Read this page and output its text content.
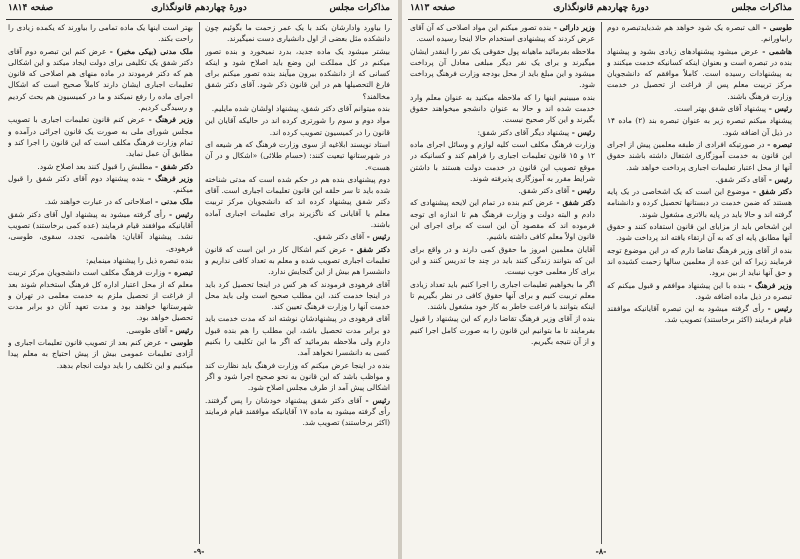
مذاکرات مجلس
دورهٔ چهاردهم قانونگذاری
صفحه ۱۸۱۴

بهتر است اینها یک ماده تمامی را بیاورند که یکمده زیادی را راحت بکند.

ملک مدنی (بیکی مخبر) - عرض کنم این تبصره دوم آقای دکتر شفق یک تکلیفی برای دولت ایجاد میکند و این اشکالی هم که دکتر فرمودند در ماده منهای هم اصلاحی که قانون تعلیمات اجباری ایشان دارند کاملاً صحیح است که اشکال اجرای ماده را رفع نمیکند و ما در کمیسیون هم بحث کردیم و رسیدگی کردیم.

وزیر فرهنگ - عرض کنم قانون تعلیمات اجباری با تصویب مجلس شورای ملی به صورت یک قانون اجرائی درآمده و تمام وزارت فرهنگ مکلف است که این قانون را اجرا کند و مطابق آن عمل نماید.

دکتر شفق - مطلبش را قبول کنند بعد اصلاح شود.

وزیر فرهنگ - بنده پیشنهاد دوم آقای دکتر شفق را قبول میکنم.

ملک مدنی - اصلاحاتی که در عبارت خواهند شد.

رئیس - رأی گرفته میشود به پیشنهاد اول آقای دکتر شفق آقایانیکه موافقند قیام فرمایند (عده کمی برخاستند) تصویب نشد. پیشنهاد آقایان: هاشمی، تجدد، سقوی، طوسی، فرهودی.

بنده تبصره ذیل را پیشنهاد مینمایم:

تبصره - وزارت فرهنگ مکلف است دانشجویان مرکز تربیت معلم که از محل اعتبار اداره کل فرهنگ استخدام شوند بعد از فراغت از تحصیل ملزم به خدمت معلمی در تهران و شهرستانها خواهند بود و مدت تعهد آنان دو برابر مدت تحصیل خواهد بود.

رئیس - آقای طوسی.

طوسی - عرض کنم بعد از تصویب قانون تعلیمات اجباری و آزادی تعلیمات عمومی بیش از پیش احتیاج به معلم پیدا میکنیم و این تکلیف را باید دولت انجام بدهد.

را بیاورد وادارشان بکند با یک عمر زحمت ما بگوئیم چون دانشکده مثل بعضی از اول دانشیاری دست نمیگیرند.

بیشتر میشود یک ماده جدید، بدرد نمیخورد و بنده تصور میکنم در کل مملکت این وضع باید اصلاح شود و اینکه کسانی که از دانشکده بیرون میآیند بنده تصور میکنم برای فارغ التحصیلها هم در این قانون ذکر شود. آقای دکتر شفق مخالفند؟

بنده میتوانم آقای دکتر شفق، پیشنهاد اولشان شده مایلیم.

مواد دوم و سوم را شورتری کرده اند در حالیکه آقایان این قانون را در کمیسیون تصویب کرده اند.

استاد نویسند ابلاغیه از سوی وزارت فرهنگ که هر شیعه ای در شهرستانها تبعیت کنند: (حسام طلائی) «اشکال و در آن هست».

دوم پیشنهادی بنده هم در حکم شده است که مدتی شناخته شده باید تا سر حلقه این قانون تعلیمات اجباری است. آقای دکتر شفق پیشنهاد کرده اند که دانشجویان مرکز تربیت معلم یا آقایانی که ناگزیرند برای تعلیمات اجباری آماده باشند.

رئیس - آقای دکتر شفق.

دکتر شفق - عرض کنم اشکال کار در این است که قانون تعلیمات اجباری تصویب شده و معلم به تعداد کافی نداریم و دانشسرا هم بیش از این گنجایش ندارد.

آقای فرهودی فرمودند که هر کس در اینجا تحصیل کرد باید در اینجا خدمت کند، این مطلب صحیح است ولی باید محل خدمت آنها را وزارت فرهنگ تعیین کند.

آقای فرهودی در پیشنهادشان نوشته اند که مدت خدمت باید دو برابر مدت تحصیل باشد، این مطلب را هم بنده قبول دارم ولی ملاحظه بفرمائید که اگر ما این تکلیف را بکنیم کسی به دانشسرا نخواهد آمد.

بنده در اینجا عرض میکنم که وزارت فرهنگ باید نظارت کند و مواظب باشد که این قانون به نحو صحیح اجرا شود و اگر اشکالی پیش آمد از طرف مجلس اصلاح شود.

رئیس - آقای دکتر شفق پیشنهاد خودشان را پس گرفتند. رأی گرفته میشود به ماده ۱۷ آقایانیکه موافقند قیام فرمایند (اکثر برخاستند) تصویب شد.

-۹-
مذاکرات مجلس
دورهٔ چهاردهم قانونگذاری
صفحه ۱۸۱۳

وزیر دارائی - بنده تصور میکنم این مواد اصلاحی که آن آقای عرض کردند که پیشنهادی استخدام حالا اینجا رسیده است.

ملاحظه بفرمائید ماهیانه پول حقوقی یک نفر را اینقدر ایشان میگیرند و برای یک نفر دیگر مبلغی معادل آن پرداخت میشود و این مبلغ باید از محل بودجه وزارت فرهنگ پرداخت شود.

بنده میبینیم اینها را که ملاحظه میکنید به عنوان معلم وارد خدمت شده اند و حالا به عنوان دانشجو میخواهند حقوق بگیرند و این کار صحیح نیست.

رئیس - پیشنهاد دیگر آقای دکتر شفق:

وزارت فرهنگ مکلف است کلیه لوازم و وسائل اجرای ماده ۱۲ و ۱۵ قانون تعلیمات اجباری را فراهم کند و کسانیکه در موقع تصویب این قانون در خدمت دولت هستند با داشتن شرایط مقرر به آموزگاری پذیرفته شوند.

رئیس - آقای دکتر شفق.

دکتر شفق - عرض کنم بنده در تمام این لایحه پیشنهادی که دادم و البته دولت و وزارت فرهنگ هم تا اندازه ای توجه فرموده اند که مقصود آن این است که برای اجرای این قانون اولاً معلم کافی داشته باشیم.

آقایان معلمین امروز ما حقوق کمی دارند و در واقع برای این که بتوانند زندگی کنند باید در چند جا تدریس کنند و این برای کار معلمی خوب نیست.

اگر ما بخواهیم تعلیمات اجباری را اجرا کنیم باید تعداد زیادی معلم تربیت کنیم و برای آنها حقوق کافی در نظر بگیریم تا اینکه بتوانند با فراغت خاطر به کار خود مشغول باشند.

بنده از آقای وزیر فرهنگ تقاضا دارم که این پیشنهاد را قبول بفرمایند تا ما بتوانیم این قانون را به صورت کامل اجرا کنیم و از آن نتیجه بگیریم.

طوسی - الف تبصره یک شود خواهد هم شدبایدتبصره دوم رابیاورانم.

هاشمی - عرض میشود پیشنهادهای زیادی بشود و پیشنهاد بنده در تبصره است و بعنوان اینکه کسانیکه خدمت میکنند و به پیشنهادات رسیده است. کاملاً موافقم که دانشجویان مرکز تربیت معلم پس از فراغت از تحصیل در خدمت وزارت فرهنگ باشند.

رئیس - پیشنهاد آقای شفق بهتر است.

پیشنهاد میکنم تبصره زیر به عنوان تبصره بند (۲) ماده ۱۴ در ذیل آن اضافه شود.

تبصره - در صورتیکه افرادی از طبقه معلمین پیش از اجرای این قانون به خدمت آموزگاری اشتغال داشته باشند حقوق آنها از محل اعتبار تعلیمات اجباری پرداخت خواهد شد.

رئیس - آقای دکتر شفق.

دکتر شفق - موضوع این است که یک اشخاصی در یک پایه هستند که ضمن خدمت در دبستانها تحصیل کرده و دانشنامه گرفته اند و حالا باید در پایه بالاتری مشغول شوند.

این اشخاص باید از مزایای این قانون استفاده کنند و حقوق آنها مطابق پایه ای که به آن ارتقاء یافته اند پرداخت شود.

بنده از آقای وزیر فرهنگ تقاضا دارم که در این موضوع توجه فرمایند زیرا که این عده از معلمین سالها زحمت کشیده اند و حق آنها نباید از بین برود.

وزیر فرهنگ - بنده با این پیشنهاد موافقم و قبول میکنم که تبصره در ذیل ماده اضافه شود.

رئیس - رأی گرفته میشود به این تبصره آقایانیکه موافقند قیام فرمایند (اکثر برخاستند) تصویب شد.

-۸-
